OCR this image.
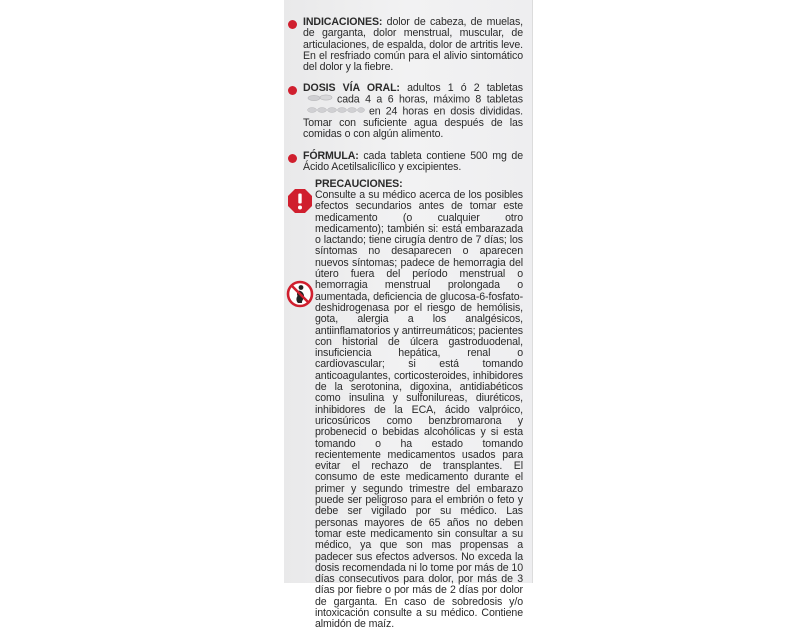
INDICACIONES: dolor de cabeza, de muelas, de garganta, dolor menstrual, muscular, de articulaciones, de espalda, dolor de artritis leve. En el resfriado común para el alivio sintomático del dolor y la fiebre.
DOSIS VÍA ORAL: adultos 1 ó 2 tabletas cada 4 a 6 horas, máximo 8 tabletas en 24 horas en dosis divididas. Tomar con suficiente agua después de las comidas o con algún alimento.
FÓRMULA: cada tableta contiene 500 mg de Ácido Acetilsalicílico y excipientes.
PRECAUCIONES:
Consulte a su médico acerca de los posibles efectos secundarios antes de tomar este medicamento (o cualquier otro medicamento); también si: está embarazada o lactando; tiene cirugía dentro de 7 días; los síntomas no desaparecen o aparecen nuevos síntomas; padece de hemorragia del útero fuera del período menstrual o hemorragia menstrual prolongada o aumentada, deficiencia de glucosa-6-fosfato-deshidrogenasa por el riesgo de hemólisis, gota, alergia a los analgésicos, antiinflamatorios y antirreumáticos; pacientes con historial de úlcera gastroduodenal, insuficiencia hepática, renal o cardiovascular; si está tomando anticoagulantes, corticosteroides, inhibidores de la serotonina, digoxina, antidiabéticos como insulina y sulfonilureas, diuréticos, inhibidores de la ECA, ácido valpróico, uricosúricos como benzbromarona y probenecid o bebidas alcohólicas y si esta tomando o ha estado tomando recientemente medicamentos usados para evitar el rechazo de transplantes. El consumo de este medicamento durante el primer y segundo trimestre del embarazo puede ser peligroso para el embrión o feto y debe ser vigilado por su médico. Las personas mayores de 65 años no deben tomar este medicamento sin consultar a su médico, ya que son mas propensas a padecer sus efectos adversos. No exceda la dosis recomendada ni lo tome por más de 10 días consecutivos para dolor, por más de 3 días por fiebre o por más de 2 días por dolor de garganta. En caso de sobredosis y/o intoxicación consulte a su médico. Contiene almidón de maíz.
